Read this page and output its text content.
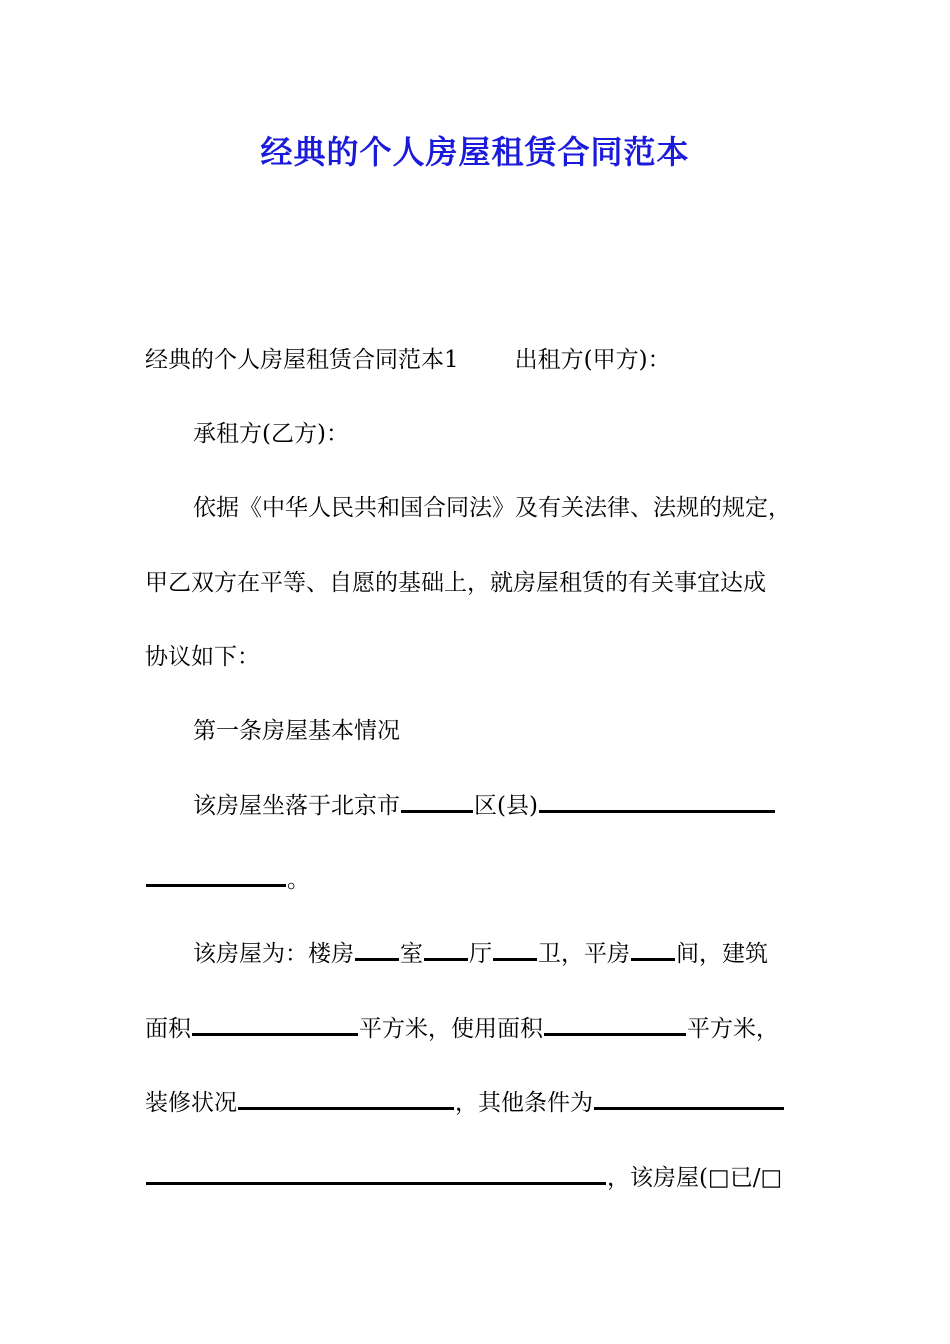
经典的个人房屋租赁合同范本
经典的个人房屋租赁合同范本1 出租方(甲方)：
承租方(乙方)：
依据《中华人民共和国合同法》及有关法律、法规的规定，
甲乙双方在平等、自愿的基础上，就房屋租赁的有关事宜达成
协议如下：
第一条房屋基本情况
该房屋坐落于北京市	区(县)
。
该房屋为：楼房 室 厅 卫，平房 间，建筑
面积	平方米，使用面积	平方米，
装修状况	，其他条件为
，该房屋(□已/□
